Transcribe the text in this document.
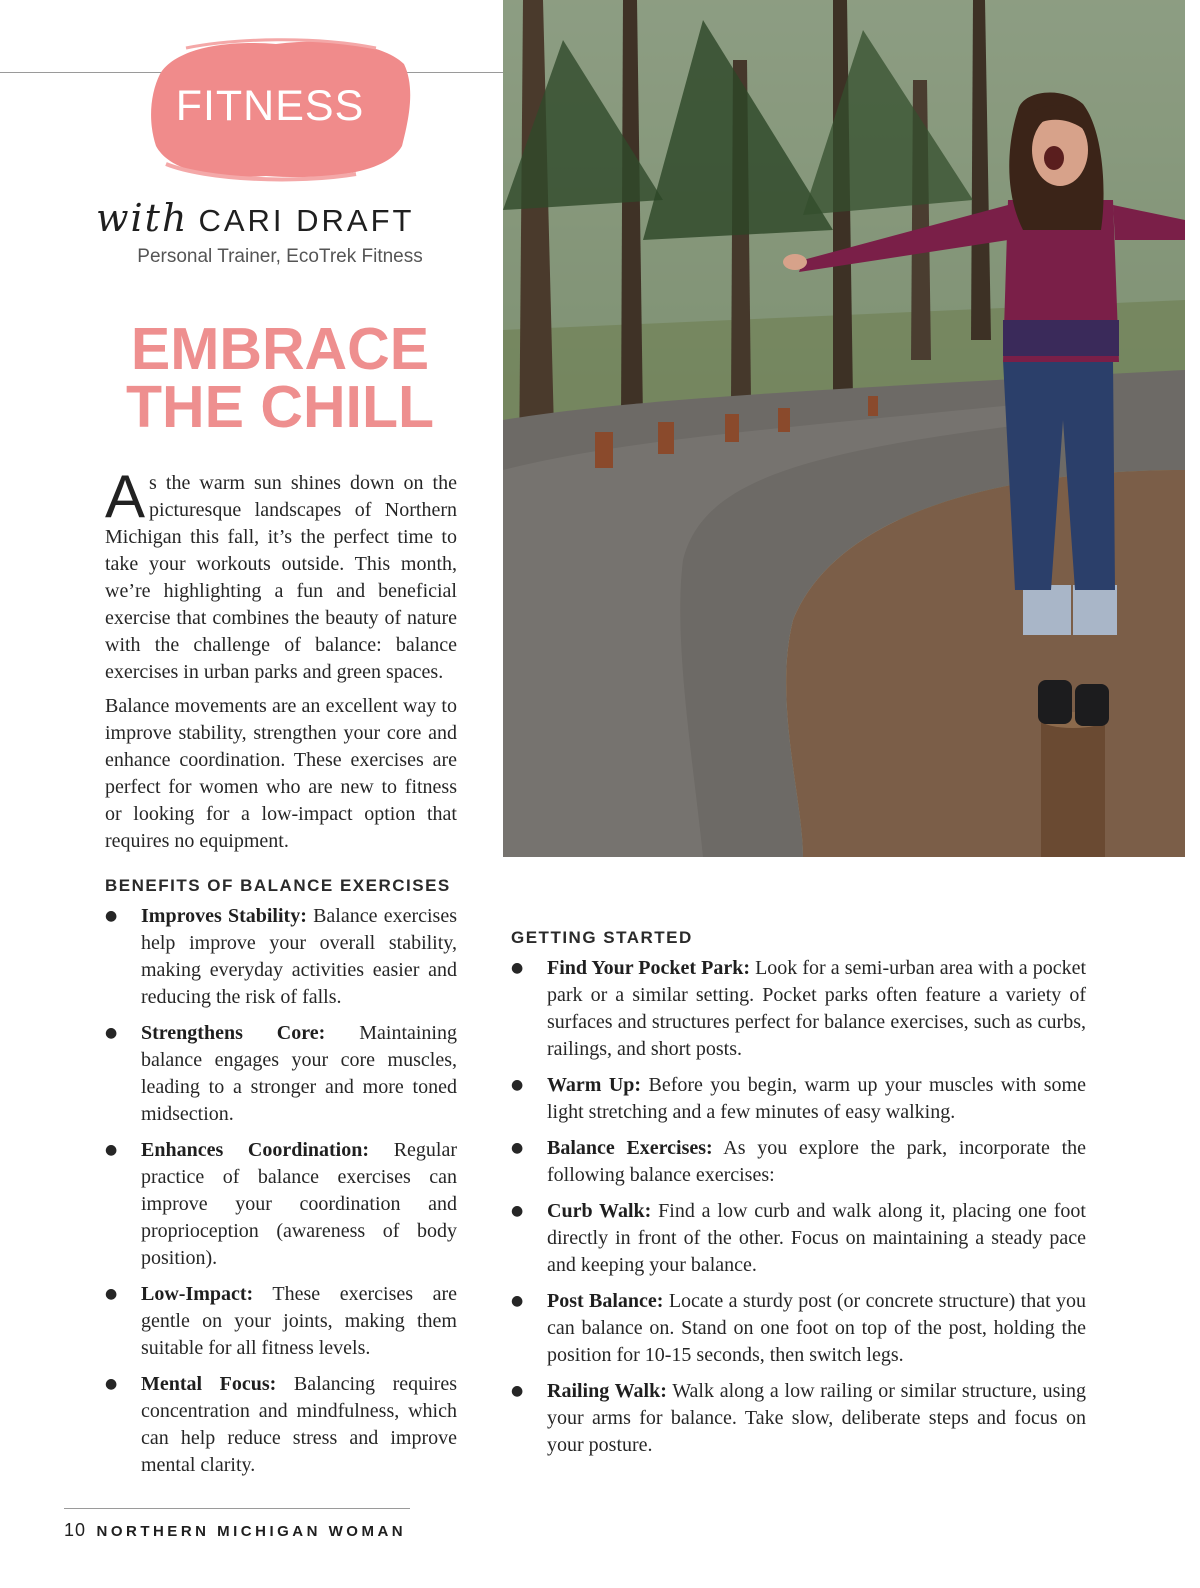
FITNESS
with CARI DRAFT
Personal Trainer, EcoTrek Fitness
EMBRACE
THE CHILL
As the warm sun shines down on the picturesque landscapes of Northern Michigan this fall, it’s the perfect time to take your workouts outside. This month, we’re highlighting a fun and beneficial exercise that combines the beauty of nature with the challenge of balance: balance exercises in urban parks and green spaces.
Balance movements are an excellent way to improve stability, strengthen your core and enhance coordination. These exercises are perfect for women who are new to fitness or looking for a low-impact option that requires no equipment.
BENEFITS OF BALANCE EXERCISES
● Improves Stability: Balance exercises help improve your overall stability, making everyday activities easier and reducing the risk of falls.
● Strengthens Core: Maintaining balance engages your core muscles, leading to a stronger and more toned midsection.
● Enhances Coordination: Regular practice of balance exercises can improve your coordination and proprioception (awareness of body position).
● Low-Impact: These exercises are gentle on your joints, making them suitable for all fitness levels.
● Mental Focus: Balancing requires concentration and mindfulness, which can help reduce stress and improve mental clarity.
GETTING STARTED
● Find Your Pocket Park: Look for a semi-urban area with a pocket park or a similar setting. Pocket parks often feature a variety of surfaces and structures perfect for balance exercises, such as curbs, railings, and short posts.
● Warm Up: Before you begin, warm up your muscles with some light stretching and a few minutes of easy walking.
● Balance Exercises: As you explore the park, incorporate the following balance exercises:
● Curb Walk: Find a low curb and walk along it, placing one foot directly in front of the other. Focus on maintaining a steady pace and keeping your balance.
● Post Balance: Locate a sturdy post (or concrete structure) that you can balance on. Stand on one foot on top of the post, holding the position for 10-15 seconds, then switch legs.
● Railing Walk: Walk along a low railing or similar structure, using your arms for balance. Take slow, deliberate steps and focus on your posture.
10 NORTHERN MICHIGAN WOMAN
